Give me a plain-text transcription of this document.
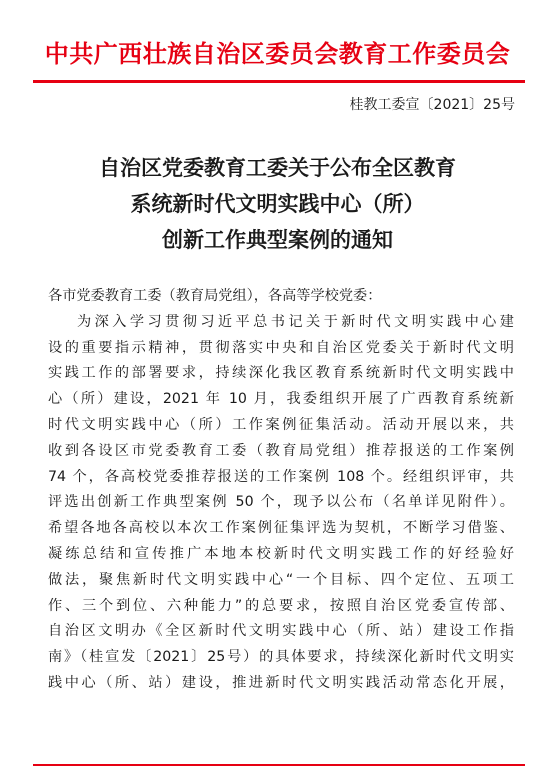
中共广西壮族自治区委员会教育工作委员会
桂教工委宣〔2021〕25号
自治区党委教育工委关于公布全区教育
系统新时代文明实践中心（所）
创新工作典型案例的通知
各市党委教育工委（教育局党组），各高等学校党委：
为深入学习贯彻习近平总书记关于新时代文明实践中心建
设的重要指示精神，贯彻落实中央和自治区党委关于新时代文明
实践工作的部署要求，持续深化我区教育系统新时代文明实践中
心（所）建设，2021 年 10 月，我委组织开展了广西教育系统新
时代文明实践中心（所）工作案例征集活动。活动开展以来，共
收到各设区市党委教育工委（教育局党组）推荐报送的工作案例
74 个，各高校党委推荐报送的工作案例 108 个。经组织评审，共
评选出创新工作典型案例 50 个，现予以公布（名单详见附件）。
希望各地各高校以本次工作案例征集评选为契机，不断学习借鉴、
凝练总结和宣传推广本地本校新时代文明实践工作的好经验好
做法，聚焦新时代文明实践中心“一个目标、四个定位、五项工
作、三个到位、六种能力”的总要求，按照自治区党委宣传部、
自治区文明办《全区新时代文明实践中心（所、站）建设工作指
南》（桂宣发〔2021〕25号）的具体要求，持续深化新时代文明实
践中心（所、站）建设，推进新时代文明实践活动常态化开展，
